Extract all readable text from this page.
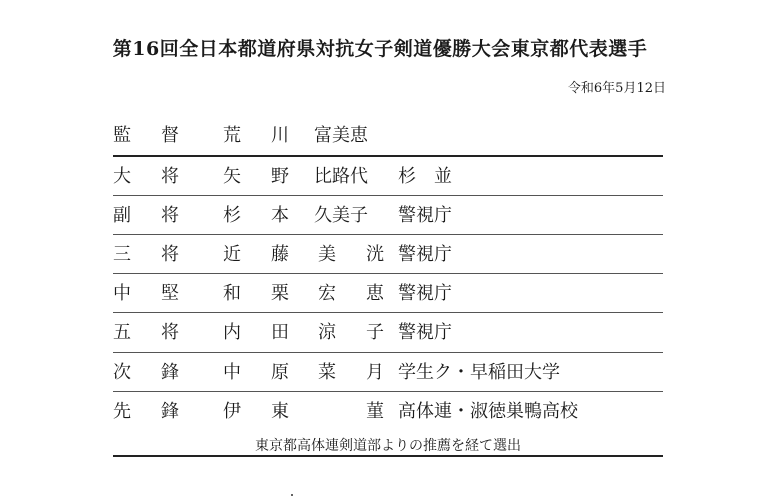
第16回全日本都道府県対抗女子剣道優勝大会東京都代表選手
令和6年5月12日
監 督 荒 川 富美恵
大 将 矢 野 比路代 杉　並
副 将 杉 本 久美子 警視庁
三 将 近 藤 美 洸 警視庁
中 堅 和 栗 宏 恵 警視庁
五 将 内 田 涼 子 警視庁
次 鋒 中 原 菜 月 学生ク・早稲田大学
先 鋒 伊 東	菫 高体連・淑徳巣鴨高校
東京都高体連剣道部よりの推薦を経て選出
